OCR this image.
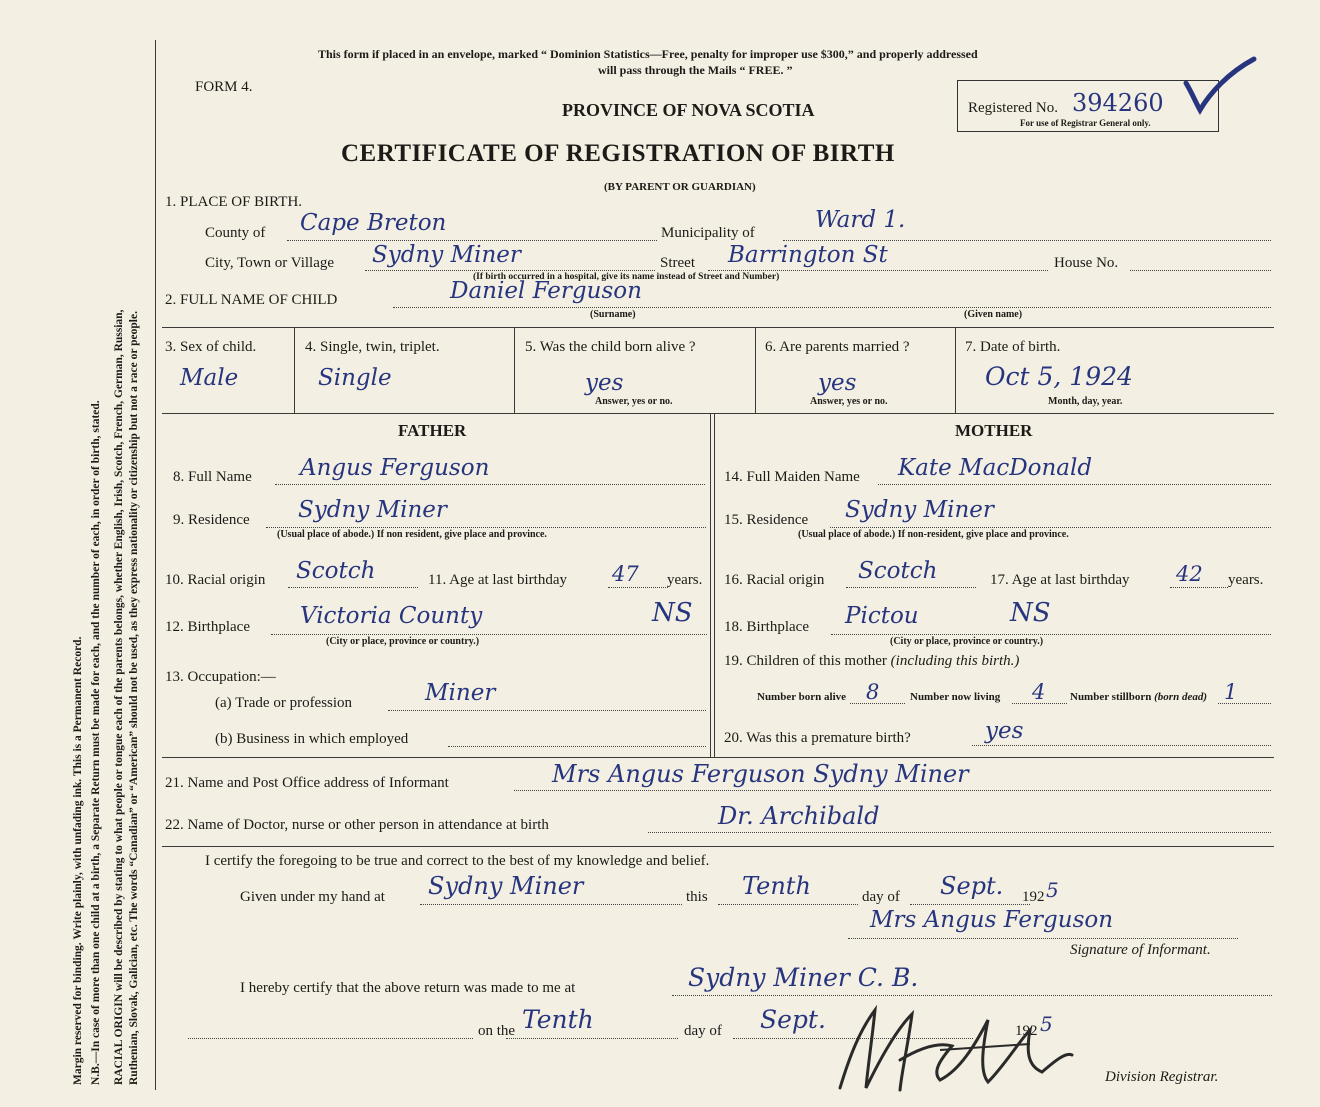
Margin reserved for binding. Write plainly, with unfading ink. This is a Permanent Record. N.B.—In case of more than one child at a birth, a Separate Return must be made for each, and the number of each, in order of birth, stated. RACIAL ORIGIN will be described by stating to what people or tongue each of the parents belongs, whether English, Irish, Scotch, French, German, Russian, Ruthenian, Slovak, Galician, etc. The words “Canadian” or “American” should not be used, as they express nationality or citizenship but not a race or people.
This form if placed in an envelope, marked “ Dominion Statistics—Free, penalty for improper use $300,” and properly addressed
will pass through the Mails “ FREE. ”
FORM 4.
PROVINCE OF NOVA SCOTIA
CERTIFICATE OF REGISTRATION OF BIRTH
(BY PARENT OR GUARDIAN)
Registered No. 394260
For use of Registrar General only.
1. PLACE OF BIRTH.
County of Cape Breton	Municipality of	Ward 1.
City, Town or Village Sydny Miner	Street Barrington St	House No.
(If birth occurred in a hospital, give its name instead of Street and Number)
2. FULL NAME OF CHILD	Daniel Ferguson
(Surname)	(Given name)
3. Sex of child.
Male
4. Single, twin, triplet.
Single
5. Was the child born alive ?
yes
Answer, yes or no.
6. Are parents married ?
yes
Answer, yes or no.
7. Date of birth.
Oct 5, 1924
Month, day, year.
FATHER	MOTHER
8. Full Name Angus Ferguson
9. Residence Sydny Miner
(Usual place of abode.) If non resident, give place and province.
10. Racial origin Scotch	11. Age at last birthday 47 years.
12. Birthplace Victoria County	NS
(City or place, province or country.)
13. Occupation:—
(a) Trade or profession	Miner
(b) Business in which employed
14. Full Maiden Name Kate MacDonald
15. Residence Sydny Miner
(Usual place of abode.) If non-resident, give place and province.
16. Racial origin Scotch	17. Age at last birthday 42 years.
18. Birthplace Pictou	NS
(City or place, province or country.)
19. Children of this mother (including this birth.)
Number born alive 8	Number now living 4 Number stillborn (born dead) 1
20. Was this a premature birth?	yes
21. Name and Post Office address of Informant	Mrs Angus Ferguson Sydny Miner
22. Name of Doctor, nurse or other person in attendance at birth	Dr. Archibald
I certify the foregoing to be true and correct to the best of my knowledge and belief.
Given under my hand at Sydny Miner	this Tenth	day of Sept. 192 5
Mrs Angus Ferguson
Signature of Informant.
I hereby certify that the above return was made to me at	Sydny Miner C. B.
on the Tenth	day of Sept.	192 5
Division Registrar.
